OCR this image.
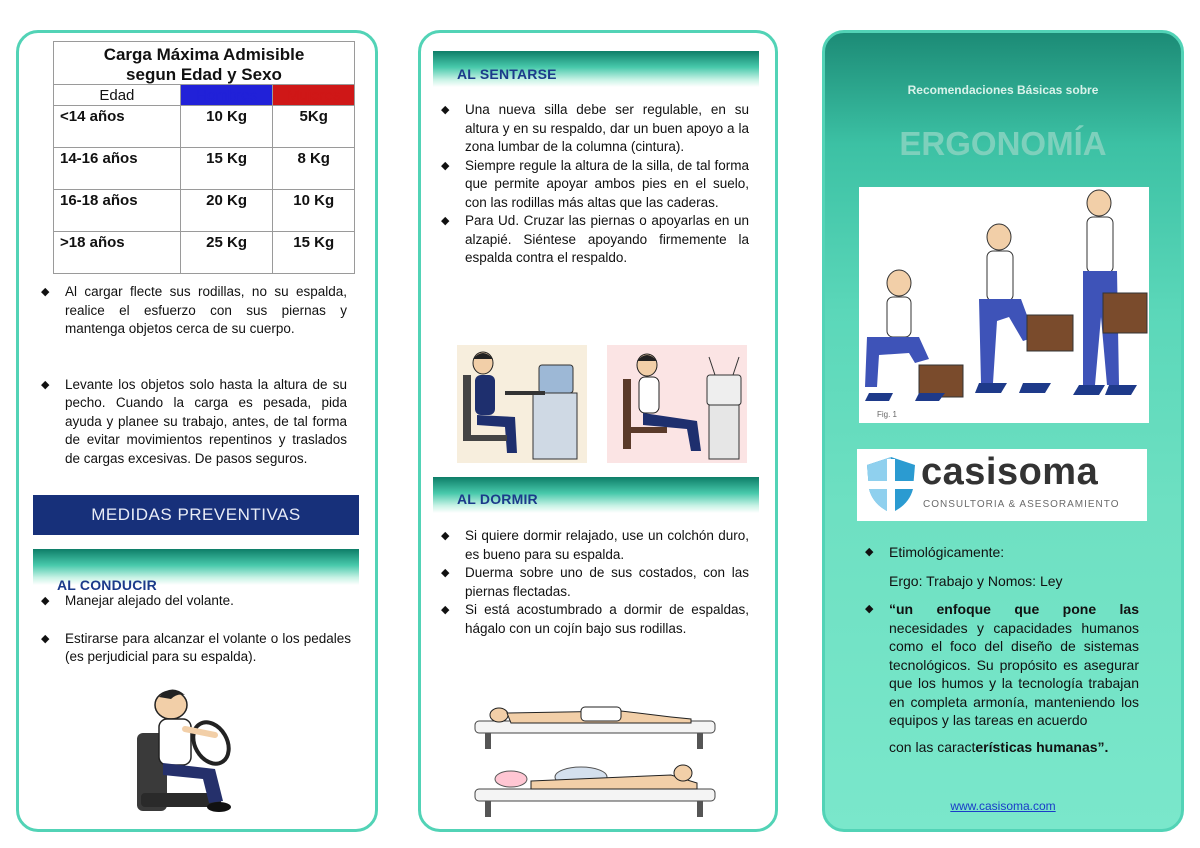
Carga Máxima Admisible		
segun Edad y Sexo		
Edad	Hombres	Mujeres
<14 años	10 Kg	5Kg
14-16 años	15 Kg	8 Kg
16-18 años	20 Kg	10 Kg
>18 años	25 Kg	15 Kg
◆ Al cargar flecte sus rodillas, no su espalda, realice el esfuerzo con sus piernas y mantenga objetos cerca de su cuerpo.
◆ Levante los objetos solo hasta la altura de su pecho. Cuando la carga es pesada, pida ayuda y planee su trabajo, antes, de tal forma de evitar movimientos repentinos y traslados de cargas excesivas. De pasos seguros.
MEDIDAS PREVENTIVAS
AL CONDUCIR
◆ Manejar alejado del volante.
◆ Estirarse para alcanzar el volante o los pedales (es perjudicial para su espalda).
AL SENTARSE
◆ Una nueva silla debe ser regulable, en su altura y en su respaldo, dar un buen apoyo a la zona lumbar de la columna (cintura).
◆ Siempre regule la altura de la silla, de tal forma que permite apoyar ambos pies en el suelo, con las rodillas más altas que las caderas.
◆ Para Ud. Cruzar las piernas o apoyarlas en un alzapié. Siéntese apoyando firmemente la espalda contra el respaldo.
AL DORMIR
◆ Si quiere dormir relajado, use un colchón duro, es bueno para su espalda.
◆ Duerma sobre uno de sus costados, con las piernas flectadas.
◆ Si está acostumbrado a dormir de espaldas, hágalo con un cojín bajo sus rodillas.
Recomendaciones Básicas sobre
ERGONOMÍA
Fig. 1
casisoma
CONSULTORIA & ASESORAMIENTO
◆ Etimológicamente:
Ergo: Trabajo y Nomos: Ley
◆ “un enfoque que pone las
necesidades y capacidades humanos como el foco del diseño de sistemas tecnológicos. Su propósito es asegurar que los humos y la tecnología trabajan en completa armonía, manteniendo los equipos y las tareas en acuerdo
con las características humanas”.
www.casisoma.com
